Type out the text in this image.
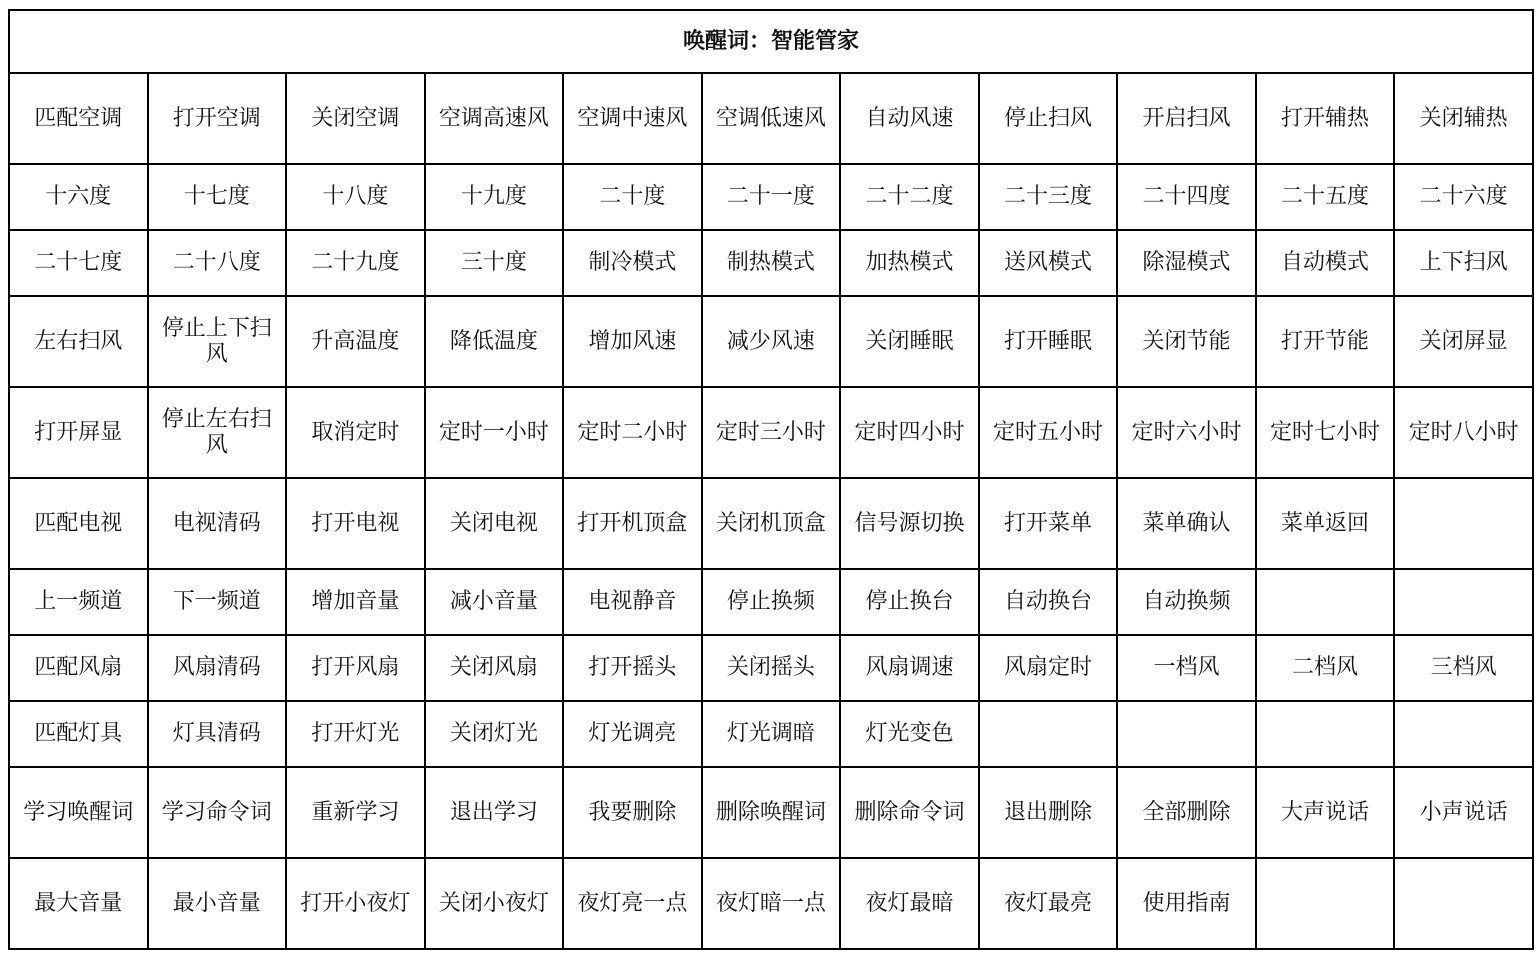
唤醒词：智能管家										
匹配空调	打开空调	关闭空调	空调高速风	空调中速风	空调低速风	自动风速	停止扫风	开启扫风	打开辅热	关闭辅热
十六度	十七度	十八度	十九度	二十度	二十一度	二十二度	二十三度	二十四度	二十五度	二十六度
二十七度	二十八度	二十九度	三十度	制冷模式	制热模式	加热模式	送风模式	除湿模式	自动模式	上下扫风
左右扫风	停止上下扫风	升高温度	降低温度	增加风速	减少风速	关闭睡眠	打开睡眠	关闭节能	打开节能	关闭屏显
打开屏显	停止左右扫风	取消定时	定时一小时	定时二小时	定时三小时	定时四小时	定时五小时	定时六小时	定时七小时	定时八小时
匹配电视	电视清码	打开电视	关闭电视	打开机顶盒	关闭机顶盒	信号源切换	打开菜单	菜单确认	菜单返回	
上一频道	下一频道	增加音量	减小音量	电视静音	停止换频	停止换台	自动换台	自动换频		
匹配风扇	风扇清码	打开风扇	关闭风扇	打开摇头	关闭摇头	风扇调速	风扇定时	一档风	二档风	三档风
匹配灯具	灯具清码	打开灯光	关闭灯光	灯光调亮	灯光调暗	灯光变色				
学习唤醒词	学习命令词	重新学习	退出学习	我要删除	删除唤醒词	删除命令词	退出删除	全部删除	大声说话	小声说话
最大音量	最小音量	打开小夜灯	关闭小夜灯	夜灯亮一点	夜灯暗一点	夜灯最暗	夜灯最亮	使用指南		
